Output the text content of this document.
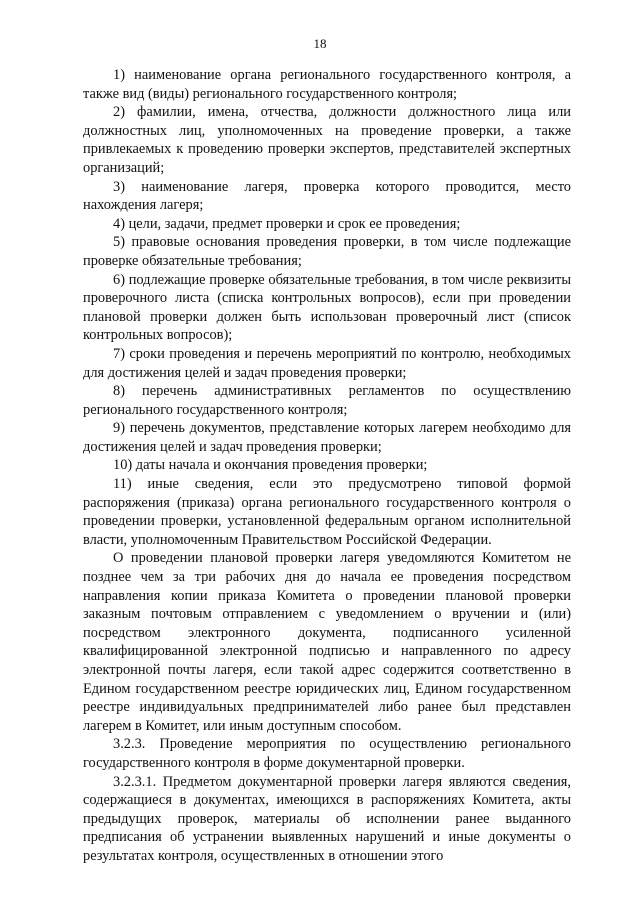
18

1) наименование органа регионального государственного контроля, а также вид (виды) регионального государственного контроля;

2) фамилии, имена, отчества, должности должностного лица или должностных лиц, уполномоченных на проведение проверки, а также привлекаемых к проведению проверки экспертов, представителей экспертных организаций;

3) наименование лагеря, проверка которого проводится, место нахождения лагеря;

4) цели, задачи, предмет проверки и срок ее проведения;

5) правовые основания проведения проверки, в том числе подлежащие проверке обязательные требования;

6) подлежащие проверке обязательные требования, в том числе реквизиты проверочного листа (списка контрольных вопросов), если при проведении плановой проверки должен быть использован проверочный лист (список контрольных вопросов);

7) сроки проведения и перечень мероприятий по контролю, необходимых для достижения целей и задач проведения проверки;

8) перечень административных регламентов по осуществлению регионального государственного контроля;

9) перечень документов, представление которых лагерем необходимо для достижения целей и задач проведения проверки;

10) даты начала и окончания проведения проверки;

11) иные сведения, если это предусмотрено типовой формой распоряжения (приказа) органа регионального государственного контроля о проведении проверки, установленной федеральным органом исполнительной власти, уполномоченным Правительством Российской Федерации.

О проведении плановой проверки лагеря уведомляются Комитетом не позднее чем за три рабочих дня до начала ее проведения посредством направления копии приказа Комитета о проведении плановой проверки заказным почтовым отправлением с уведомлением о вручении и (или) посредством электронного документа, подписанного усиленной квалифицированной электронной подписью и направленного по адресу электронной почты лагеря, если такой адрес содержится соответственно в Едином государственном реестре юридических лиц, Едином государственном реестре индивидуальных предпринимателей либо ранее был представлен лагерем в Комитет, или иным доступным способом.

3.2.3. Проведение мероприятия по осуществлению регионального государственного контроля в форме документарной проверки.

3.2.3.1. Предметом документарной проверки лагеря являются сведения, содержащиеся в документах, имеющихся в распоряжениях Комитета, акты предыдущих проверок, материалы об исполнении ранее выданного предписания об устранении выявленных нарушений и иные документы о результатах контроля, осуществленных в отношении этого
